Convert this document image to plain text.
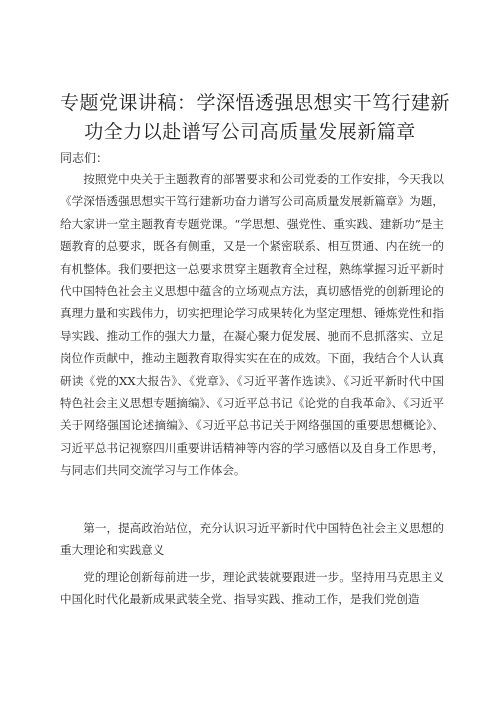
专题党课讲稿：学深悟透强思想实干笃行建新
功全力以赴谱写公司高质量发展新篇章
同志们：

按照党中央关于主题教育的部署要求和公司党委的工作安排，今天我以《学深悟透强思想实干笃行建新功奋力谱写公司高质量发展新篇章》为题，给大家讲一堂主题教育专题党课。“学思想、强党性、重实践、建新功”是主题教育的总要求，既各有侧重，又是一个紧密联系、相互贯通、内在统一的有机整体。我们要把这一总要求贯穿主题教育全过程，熟练掌握习近平新时代中国特色社会主义思想中蕴含的立场观点方法，真切感悟党的创新理论的真理力量和实践伟力，切实把理论学习成果转化为坚定理想、锤炼党性和指导实践、推动工作的强大力量，在凝心聚力促发展、驰而不息抓落实、立足岗位作贡献中，推动主题教育取得实实在在的成效。下面，我结合个人认真研读《党的XX大报告》、《党章》、《习近平著作选读》、《习近平新时代中国特色社会主义思想专题摘编》、《习近平总书记《论党的自我革命》、《习近平关于网络强国论述摘编》、《习近平总书记关于网络强国的重要思想概论》、习近平总书记视察四川重要讲话精神等内容的学习感悟以及自身工作思考，与同志们共同交流学习与工作体会。

第一，提高政治站位，充分认识习近平新时代中国特色社会主义思想的重大理论和实践意义

党的理论创新每前进一步，理论武装就要跟进一步。坚持用马克思主义中国化时代化最新成果武装全党、指导实践、推动工作，是我们党创造
